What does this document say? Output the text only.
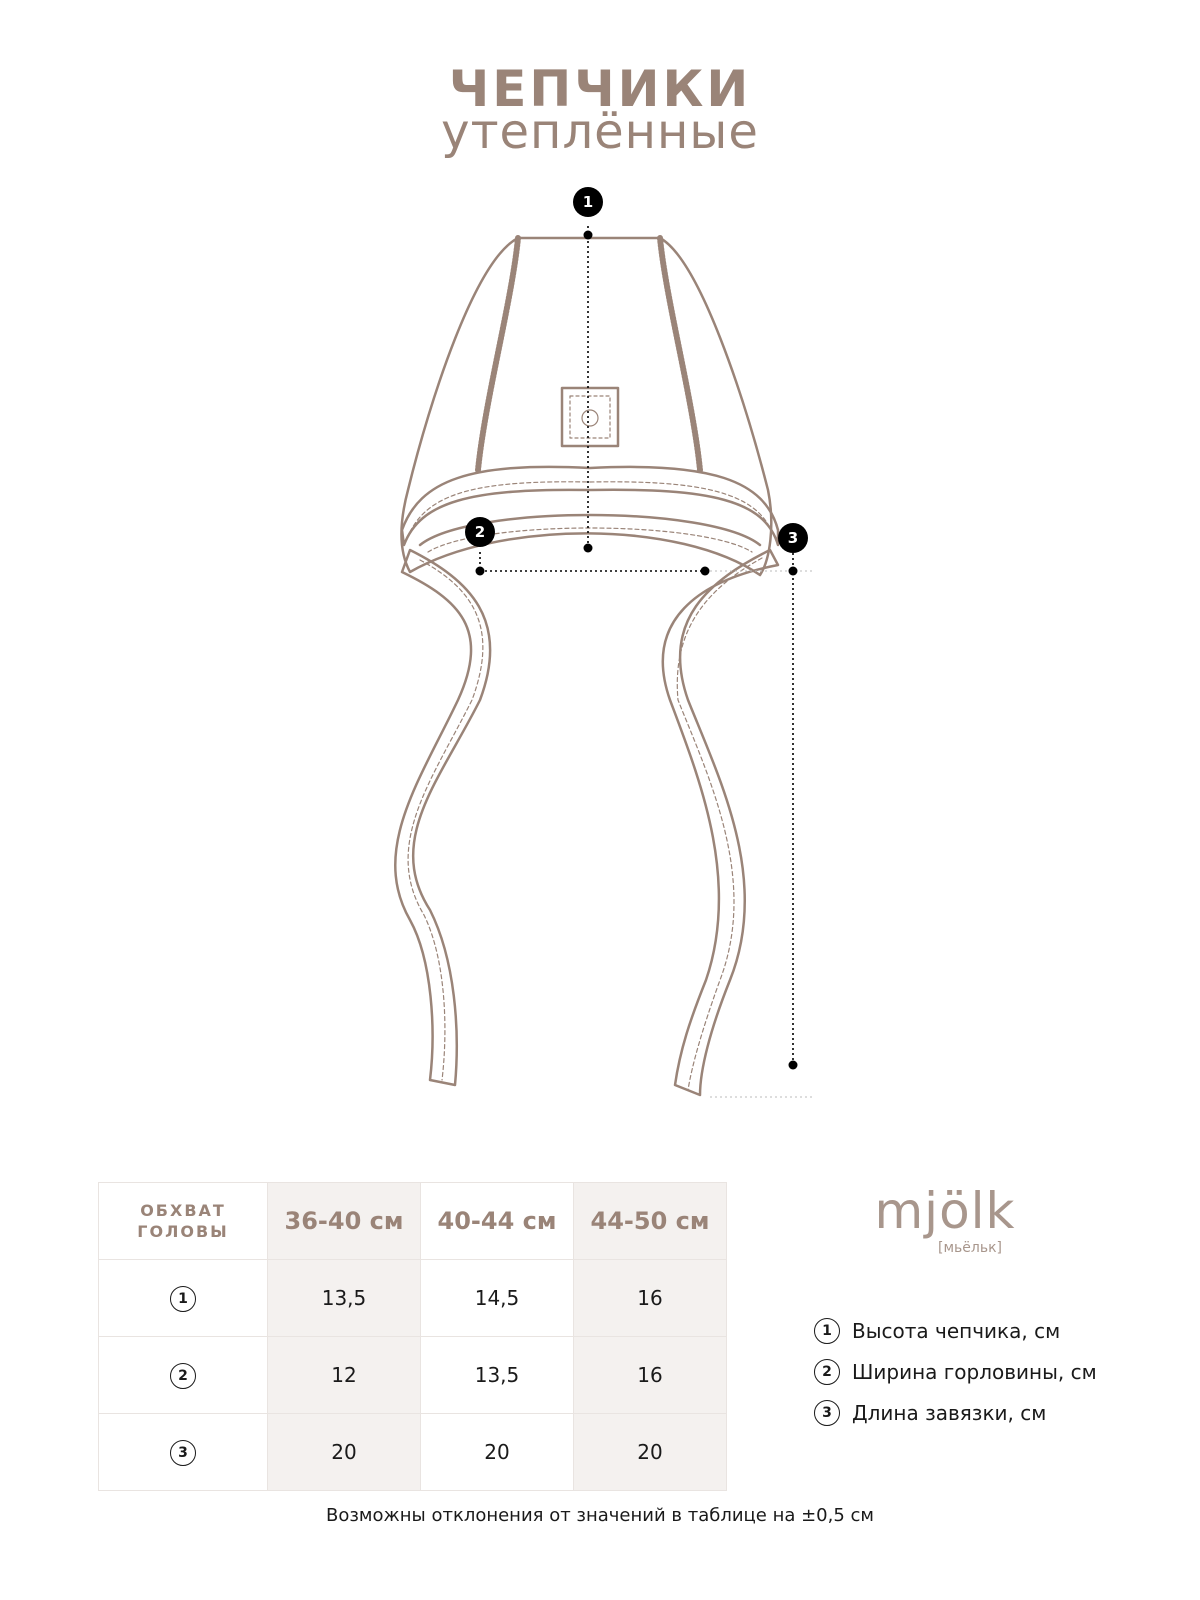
ЧЕПЧИКИ
утеплённые
1
2	3
ОБХВАТ ГОЛОВЫ	36-40 см	40-44 см	44-50 см
1	13,5	14,5	16
2	12	13,5	16
3	20	20	20
mjölk
[мьёльк]
1	Высота чепчика, см
2	Ширина горловины, см
3	Длина завязки, см
Возможны отклонения от значений в таблице на ±0,5 см
